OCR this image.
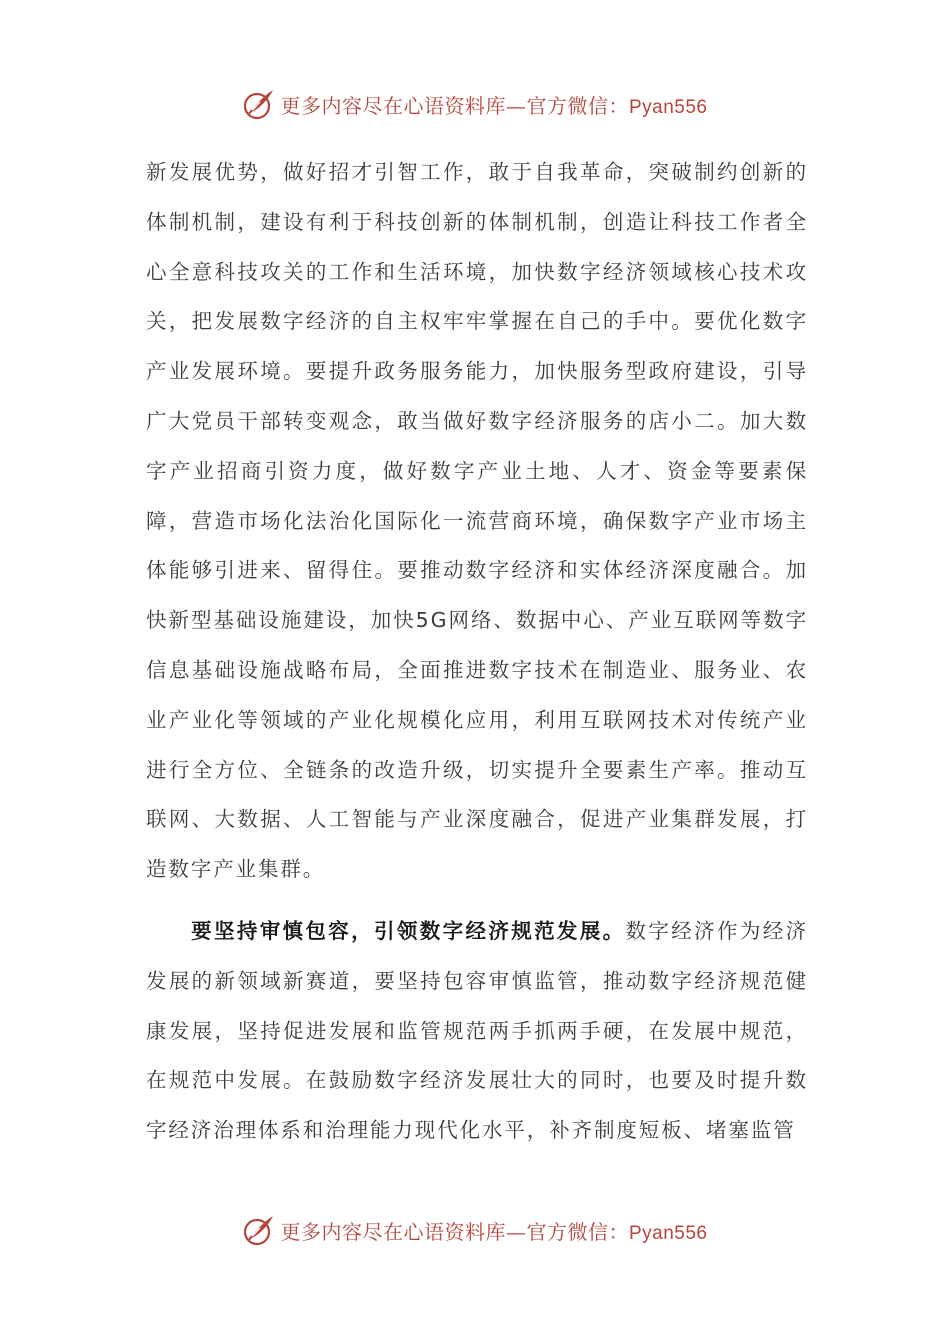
更多内容尽在心语资料库—官方微信：Pyan556

新发展优势，做好招才引智工作，敢于自我革命，突破制约创新的体制机制，建设有利于科技创新的体制机制，创造让科技工作者全心全意科技攻关的工作和生活环境，加快数字经济领域核心技术攻关，把发展数字经济的自主权牢牢掌握在自己的手中。要优化数字产业发展环境。要提升政务服务能力，加快服务型政府建设，引导广大党员干部转变观念，敢当做好数字经济服务的店小二。加大数字产业招商引资力度，做好数字产业土地、人才、资金等要素保障，营造市场化法治化国际化一流营商环境，确保数字产业市场主体能够引进来、留得住。要推动数字经济和实体经济深度融合。加快新型基础设施建设，加快5G网络、数据中心、产业互联网等数字信息基础设施战略布局，全面推进数字技术在制造业、服务业、农业产业化等领域的产业化规模化应用，利用互联网技术对传统产业进行全方位、全链条的改造升级，切实提升全要素生产率。推动互联网、大数据、人工智能与产业深度融合，促进产业集群发展，打造数字产业集群。

要坚持审慎包容，引领数字经济规范发展。数字经济作为经济发展的新领域新赛道，要坚持包容审慎监管，推动数字经济规范健康发展，坚持促进发展和监管规范两手抓两手硬，在发展中规范，在规范中发展。在鼓励数字经济发展壮大的同时，也要及时提升数字经济治理体系和治理能力现代化水平，补齐制度短板、堵塞监管

更多内容尽在心语资料库—官方微信：Pyan556
